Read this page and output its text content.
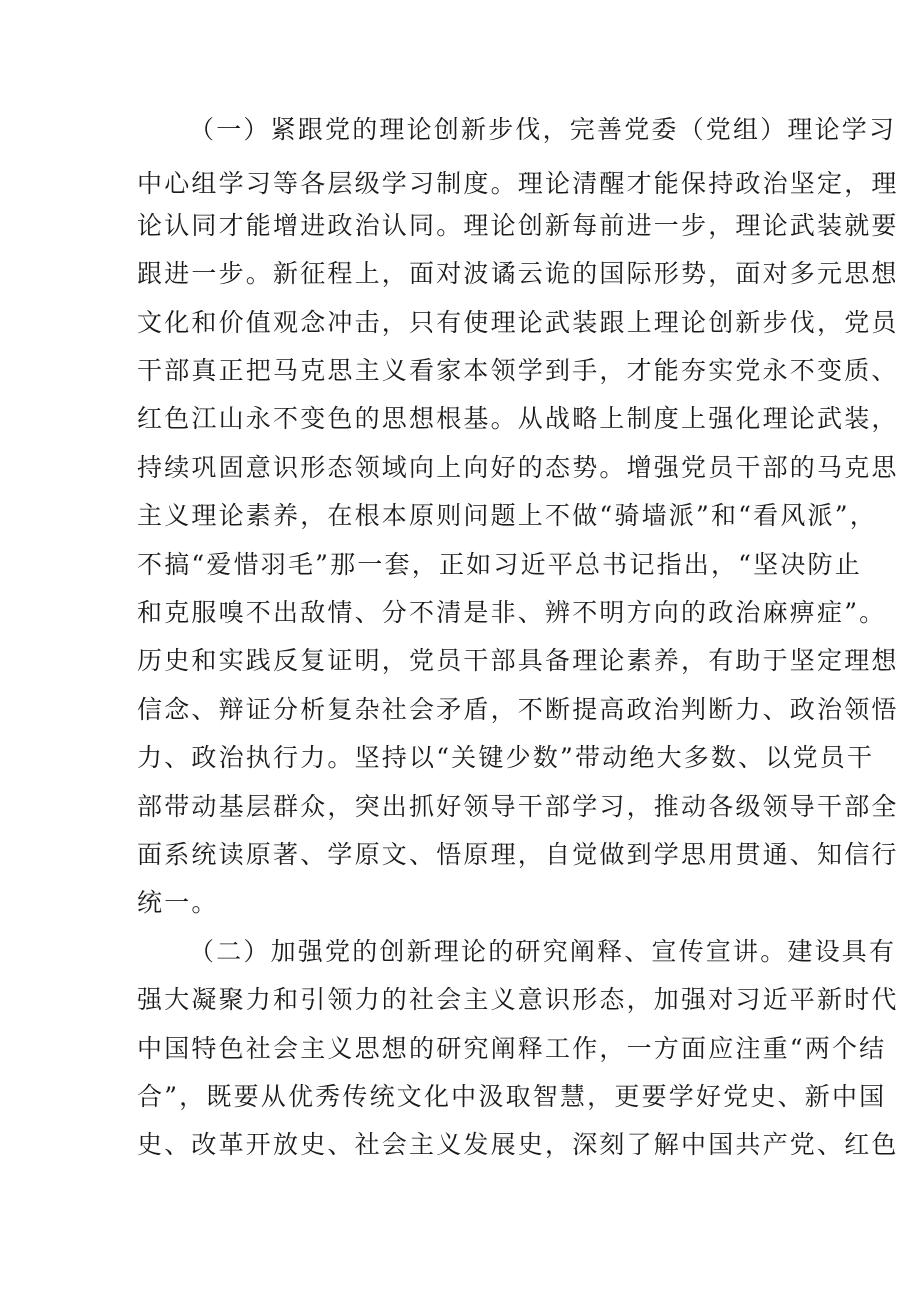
（一）紧跟党的理论创新步伐，完善党委（党组）理论学习
中心组学习等各层级学习制度。理论清醒才能保持政治坚定，理
论认同才能增进政治认同。理论创新每前进一步，理论武装就要
跟进一步。新征程上，面对波谲云诡的国际形势，面对多元思想
文化和价值观念冲击，只有使理论武装跟上理论创新步伐，党员
干部真正把马克思主义看家本领学到手，才能夯实党永不变质、
红色江山永不变色的思想根基。从战略上制度上强化理论武装，
持续巩固意识形态领域向上向好的态势。增强党员干部的马克思
主义理论素养，在根本原则问题上不做“骑墙派”和“看风派”，
不搞“爱惜羽毛”那一套，正如习近平总书记指出，“坚决防止
和克服嗅不出敌情、分不清是非、辨不明方向的政治麻痹症”。
历史和实践反复证明，党员干部具备理论素养，有助于坚定理想
信念、辩证分析复杂社会矛盾，不断提高政治判断力、政治领悟
力、政治执行力。坚持以“关键少数”带动绝大多数、以党员干
部带动基层群众，突出抓好领导干部学习，推动各级领导干部全
面系统读原著、学原文、悟原理，自觉做到学思用贯通、知信行
统一。
（二）加强党的创新理论的研究阐释、宣传宣讲。建设具有
强大凝聚力和引领力的社会主义意识形态，加强对习近平新时代
中国特色社会主义思想的研究阐释工作，一方面应注重“两个结
合”，既要从优秀传统文化中汲取智慧，更要学好党史、新中国
史、改革开放史、社会主义发展史，深刻了解中国共产党、红色
